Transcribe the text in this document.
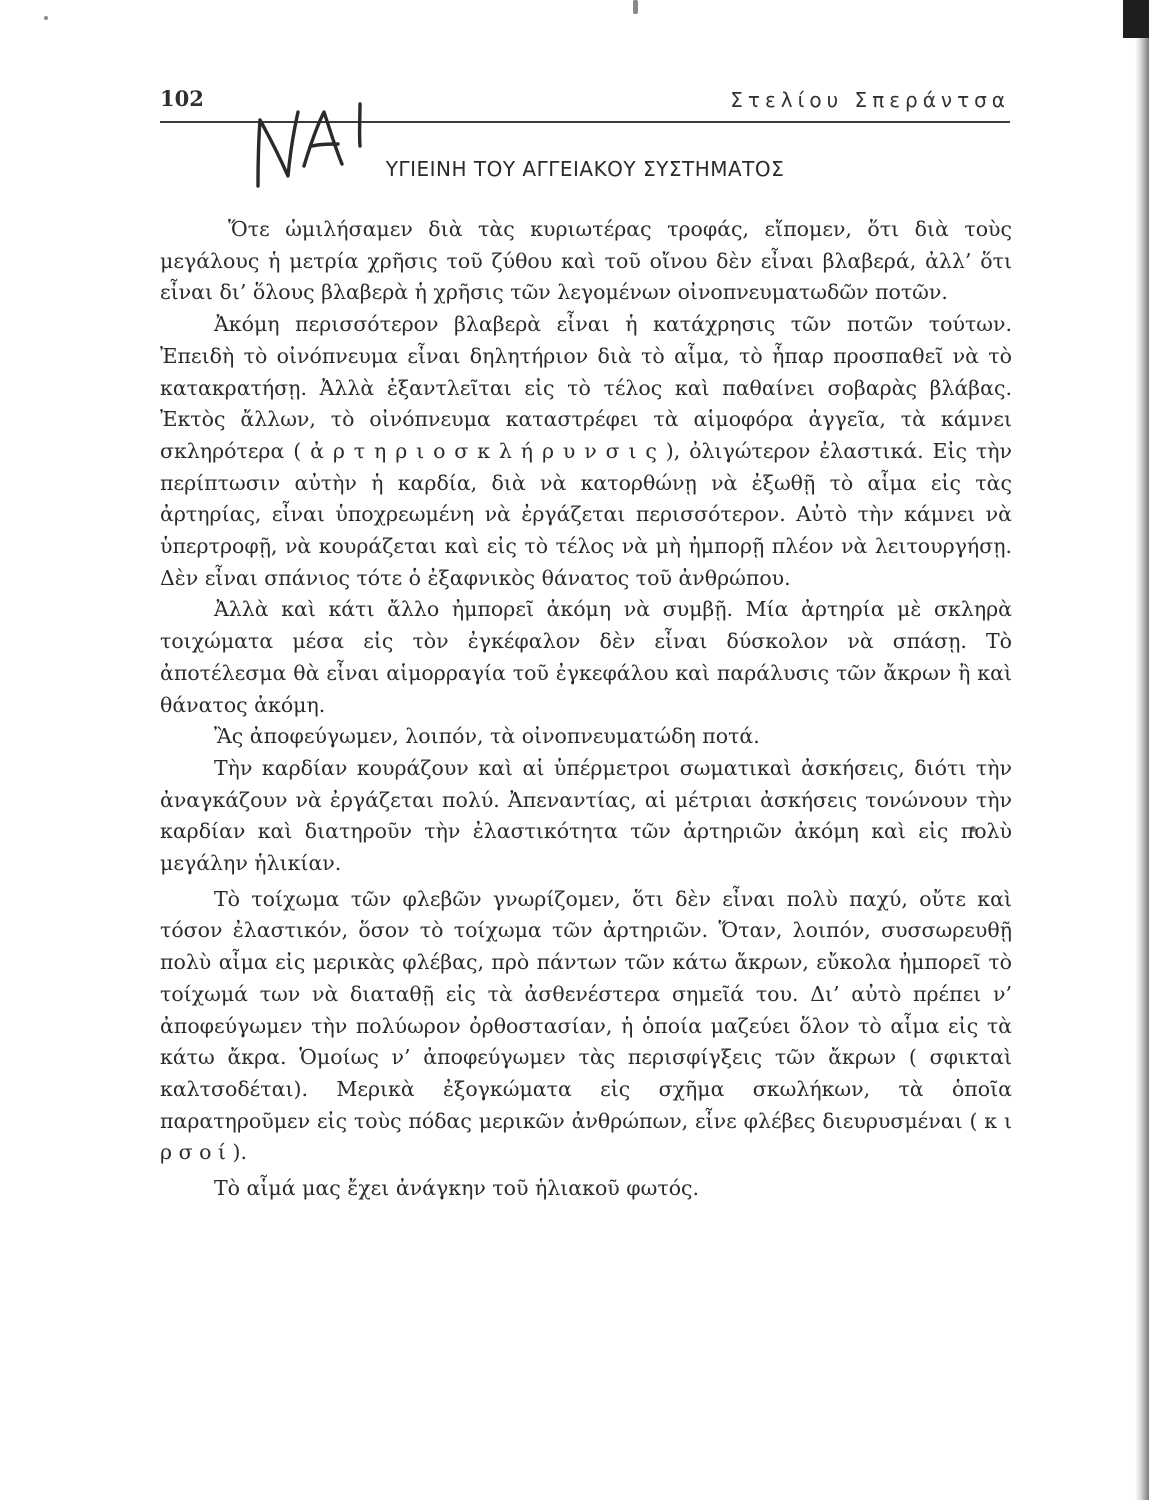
102	Στελίου Σπεράντσα
ΥΓΙΕΙΝΗ ΤΟΥ ΑΓΓΕΙΑΚΟΥ ΣΥΣΤΗΜΑΤΟΣ

Ὅτε ὡμιλήσαμεν διὰ τὰς κυριωτέρας τροφάς, εἴπομεν, ὅτι διὰ τοὺς μεγάλους ἡ μετρία χρῆσις τοῦ ζύθου καὶ τοῦ οἴνου δὲν εἶναι βλαβερά, ἀλλ’ ὅτι εἶναι δι’ ὅλους βλαβερὰ ἡ χρῆσις τῶν λεγομένων οἰνοπνευματωδῶν ποτῶν.

Ἀκόμη περισσότερον βλαβερὰ εἶναι ἡ κατάχρησις τῶν ποτῶν τούτων. Ἐπειδὴ τὸ οἰνόπνευμα εἶναι δηλητήριον διὰ τὸ αἷμα, τὸ ἧπαρ προσπαθεῖ νὰ τὸ κατακρατήσῃ. Ἀλλὰ ἐξαντλεῖται εἰς τὸ τέλος καὶ παθαίνει σοβαρὰς βλάβας. Ἐκτὸς ἄλλων, τὸ οἰνόπνευμα καταστρέφει τὰ αἱμοφόρα ἀγγεῖα, τὰ κάμνει σκληρότερα ( ἀ ρ τ η ρ ι ο σ κ λ ή ρ υ ν σ ι ς ), ὀλιγώτερον ἐλαστικά. Εἰς τὴν περίπτωσιν αὐτὴν ἡ καρδία, διὰ νὰ κατορθώνῃ νὰ ἐξωθῇ τὸ αἷμα εἰς τὰς ἀρτηρίας, εἶναι ὑποχρεωμένη νὰ ἐργάζεται περισσότερον. Αὐτὸ τὴν κάμνει νὰ ὑπερτροφῇ, νὰ κουράζεται καὶ εἰς τὸ τέλος νὰ μὴ ἠμπορῇ πλέον νὰ λειτουργήσῃ. Δὲν εἶναι σπάνιος τότε ὁ ἐξαφνικὸς θάνατος τοῦ ἀνθρώπου.

Ἀλλὰ καὶ κάτι ἄλλο ἠμπορεῖ ἀκόμη νὰ συμβῇ. Μία ἀρτηρία μὲ σκληρὰ τοιχώματα μέσα εἰς τὸν ἐγκέφαλον δὲν εἶναι δύσκολον νὰ σπάσῃ. Τὸ ἀποτέλεσμα θὰ εἶναι αἱμορραγία τοῦ ἐγκεφάλου καὶ παράλυσις τῶν ἄκρων ἢ καὶ θάνατος ἀκόμη.

Ἂς ἀποφεύγωμεν, λοιπόν, τὰ οἰνοπνευματώδη ποτά.

Τὴν καρδίαν κουράζουν καὶ αἱ ὑπέρμετροι σωματικαὶ ἀσκήσεις, διότι τὴν ἀναγκάζουν νὰ ἐργάζεται πολύ. Ἀπεναντίας, αἱ μέτριαι ἀσκήσεις τονώνουν τὴν καρδίαν καὶ διατηροῦν τὴν ἐλαστικότητα τῶν ἀρτηριῶν ἀκόμη καὶ εἰς πολὺ μεγάλην ἡλικίαν.

Τὸ τοίχωμα τῶν φλεβῶν γνωρίζομεν, ὅτι δὲν εἶναι πολὺ παχύ, οὔτε καὶ τόσον ἐλαστικόν, ὅσον τὸ τοίχωμα τῶν ἀρτηριῶν. Ὅταν, λοιπόν, συσσωρευθῇ πολὺ αἷμα εἰς μερικὰς φλέβας, πρὸ πάντων τῶν κάτω ἄκρων, εὔκολα ἠμπορεῖ τὸ τοίχωμά των νὰ διαταθῇ εἰς τὰ ἀσθενέστερα σημεῖά του. Δι’ αὐτὸ πρέπει ν’ ἀποφεύγωμεν τὴν πολύωρον ὀρθοστασίαν, ἡ ὁποία μαζεύει ὅλον τὸ αἷμα εἰς τὰ κάτω ἄκρα. Ὁμοίως ν’ ἀποφεύγωμεν τὰς περισφίγξεις τῶν ἄκρων ( σφικταὶ καλτσοδέται). Μερικὰ ἐξογκώματα εἰς σχῆμα σκωλήκων, τὰ ὁποῖα παρατηροῦμεν εἰς τοὺς πόδας μερικῶν ἀνθρώπων, εἶνε φλέβες διευρυσμέναι ( κ ι ρ σ ο ί ).

Τὸ αἷμά μας ἔχει ἀνάγκην τοῦ ἡλιακοῦ φωτός.
